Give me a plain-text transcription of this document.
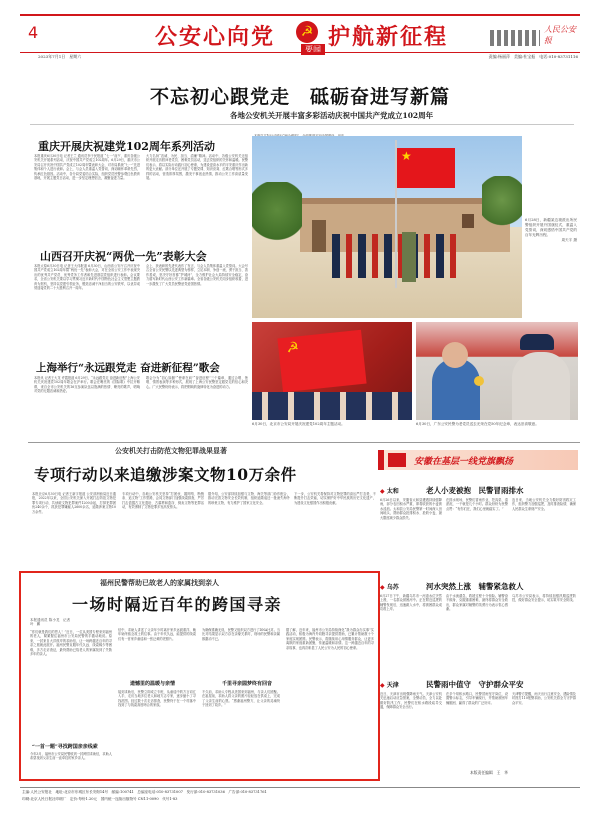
4	公安心向党	☭ 护航新征程
要闻
人民公安报
2023年7月1日　星期六	责编:杨丽萍　美编:杜宝振　电话:010-83731116
不忘初心跟党走　砥砺奋进写新篇
各地公安机关开展丰富多彩活动庆祝中国共产党成立102周年
重庆开展庆祝建党102周年系列活动
本报重庆6月30日电 记者王兰 通讯员李子民报道 “七一”前夕，重庆各级公安机关开展系列活动，庆祝中国共产党成立102周年。6月29日，重庆市公安局召开庆祝中国共产党成立102周年暨表彰大会，对市局系统“七一”先进集体和个人进行表彰。会上，与会人员重温入党誓词，深切缅怀革命先烈，传承红色基因。活动中，各分局党委结合实际，组织党员民警参观红色教育基地，开展主题党日活动，进一步坚定理想信念，凝聚奋进力量。
大力弘扬“忠诚、为民、担当、清廉”精神。活动中，各级公安机关还组织开展走访慰问老党员、困难党员活动，送去党组织的关怀和温暖。民警们表示，将以实际行动践行初心使命，为建设更高水平的平安重庆作出新的更大贡献。部分单位还开展了专题党课、知识竞赛、红歌合唱等形式多样的活动，营造浓厚氛围，激发干事创业热情，推动公安工作高质量发展。
山西召开庆祝“两优一先”表彰大会
本报太原6月30日电 记者王大伟报道 6月30日，山西省公安厅召开庆祝中国共产党成立102周年暨“两优一先”表彰大会，对在全省公安工作中表现突出的优秀共产党员、优秀党务工作者和先进基层党组织进行表彰。会议要求，全省公安机关要以学习贯彻习近平新时代中国特色社会主义思想主题教育为契机，坚持以党建引领业务，锻造忠诚干净担当的公安铁军，以优异成绩迎接党的二十大胜利召开一周年。
会上，获表彰的先进代表作了发言，与会人员集体重温入党誓词。大会号召全省公安民警以先进典型为榜样，立足本职、争创一流，勇于担当、善作善成，坚决守好首都“护城河”，全力维护社会大局持续安全稳定，奋力谱写新时代山西公安工作新篇章。全省各级公安机关同步组织收看，进一步激发了广大党员民警爱党爱国热情。
上海举行“永远跟党走 奋进新征程”歌会
本报讯 记者王大龙 许霞报道 6月29日，“永远跟党走 奋进新征程”上海公安机关庆祝建党102周年歌会在沪举行。歌会在嘹亮的《国际歌》中拉开帷幕，来自全市公安机关的16支参演队伍以饱满的热情、嘹亮的歌声，唱响对党的无限忠诚和热爱。
歌会分为“初心如磐”“使命在肩”“奋进征程”三个篇章，通过合唱、独唱、情景表演等多种形式，展现了上海公安民警坚定跟党走的信心和决心。广大民警纷纷表示，将把唱响的旋律转化为奋进的动力。
★
6月28日，新疆某边境派出所民警组织开展升国旗仪式，重温入党誓词，深切感悟中国共产党的百年光辉历程。
周天宇 摄
☭
6月30日，北京市公安局开展庆祝建党102周年主题活动。	6月30日，广东公安民警为老党员送去光荣在党50年纪念章，表达崇高敬意。
公安机关打击防范文物犯罪战果显著
专项行动以来追缴涉案文物10万余件
本报北京6月30日电 记者王新宇报道 公安部刑侦局近日通报，2022年以来，全国公安机关深入开展打击防范文物犯罪专项行动，共侦破文物犯罪案件1200余起，打掉犯罪团伙240余个，抓获犯罪嫌疑人2600余名，追缴涉案文物10万余件。
专项行动中，各地公安机关坚持“打团伙、摧网络、断链条、追文物”工作思路，会同文物部门加强线索排查，严厉打击盗掘古文化遗址、古墓葬和盗窃、倒卖文物等犯罪活动，有效遏制了文物犯罪多发高发势头。
据介绍，公安部持续加强与文物、海关等部门协作配合，推动完善文物安全长效机制，组织追缴返还一批流失海外的珍贵文物，有力维护了国家文化安全。
下一步，公安机关将保持对文物犯罪的高压严打态势，不断提升打击效能，切实保护好中华民族的历史文化遗产，为建设文化强国作出积极贡献。
福州民警帮助已故老人的家属找到亲人
一场时隔近百年的跨国寻亲
本报通讯员 陈小龙　记者 叶　鹏
“你们就是我们的恩人！”近日，一位从美国专程来到福州的老人，紧紧握住福州市公安局民警的手激动地说。原来，一封来自大洋彼岸的求助信，让一场跨越近百年的寻亲之旅就此展开。福州民警克服年代久远、线索稀少等困难，多方走访查证，最终帮助已故老人的家属找到了失散多年的亲人。
“一首一题”寻找跨国亲亲线索
今年3月，福州市公安局民警收到一封跨国求助信，求助人希望找到父亲生前一直牵挂的家乡亲人。
信中，求助人讲述了父亲年少时离开家乡远渡重洋，晚年始终惦念故土的往事。由于年代久远，能提供的线索仅有一首家乡童谣和一张泛黄的老照片。
遗憾里的温暖与亲情
接到求助后，民警立即成立专班，从童谣中的方言词汇入手，走访当地多位老人和地方志专家，逐步缩小了寻找范围。经过数十次走访排查，民警终于在一个村落中找到了与线索高度吻合的家族。
为确保准确无误，民警又组织双方进行了DNA比对。当比对结果显示双方存在亲缘关系时，现场的民警和亲属都激动不已。
千里寻亲圆梦终有回音
不久前，求助人专程从美国来到福州，与亲人们团聚。在祖屋前，求助人将父亲的照片轻轻放在供桌上，完成了父亲生前的心愿。“感谢福州警方，让父亲的灵魂终于回到了故乡。”
据了解，近年来，福州市公安局持续深化“我为群众办实事”实践活动，积极为海内外同胞寻亲提供帮助，已累计帮助数十个家庭实现团圆。民警表示，将继续用心用情服务群众，让更多离散的家庭重新团聚，传递温暖和亲情。这一跨越近百年的寻亲故事，也再次彰显了人民公安为人民的初心使命。
安徽在基层一线党旗飘扬
◆ 太和	老人小麦被抱　民警冒雨排水
6月26日以来，安徽省太和县遭遇持续强降雨，部分农田积水严重，即将收获的小麦被水浸泡。太和县公安局民警第一时间深入田间地头，帮助群众抢排积水、抢收小麦，最大限度减少群众损失。
在排水现场，民警们冒雨作业，挖沟渠、清淤泥，一干就是几个小时。群众纷纷为民警点赞：“有你们在，我们心里就踏实了。”
连日来，当地公安机关全力做好防汛救灾工作，组织警力加强巡逻，及时排查险情，确保人民群众生命财产安全。
◆ 乌苏	河水突然上涨　辅警紧急救人
6月27日下午，新疆乌苏市一河道水位突然上涨，一名群众被困河中。正在附近巡逻的辅警发现后，迅速跳入水中，将被困群众成功救上岸。
由于水流湍急，救援过程十分惊险。辅警奋不顾身，克服重重困难，最终将群众安全救出，群众家属对辅警的英勇行为表示衷心感谢。
乌苏市公安局表示，将持续加强汛期巡逻防控，做好群众安全提示，切实筑牢安全防线。
◆ 天津	民警雨中值守　守护群众平安
近日，天津市出现强降雨天气。天津公安机关迅速启动应急预案，全警动员，全力以赴做好防汛工作，民警们在积水路段疏导交通，保障群众安全出行。
在多个易积水路口，民警冒雨坚守岗位，设置警示标志，引导车辆绕行，并帮助被困车辆脱困，赢得了群众的广泛好评。
天津警方提醒，雨天出行注意安全，遇险情及时拨打110报警求助，公安机关将全力守护群众平安。
本版责任编辑　王　华
主编:人民公安报社　地址:北京市东城区东长安街14号　邮编:100741　总编室电话:010-83731007　发行部:010-83731036　广告部:010-83731761
印刷:北京人民日报社印刷厂　定价:每份1.20元　国内统一连续出版物号 CN11-0090　代号1-83
